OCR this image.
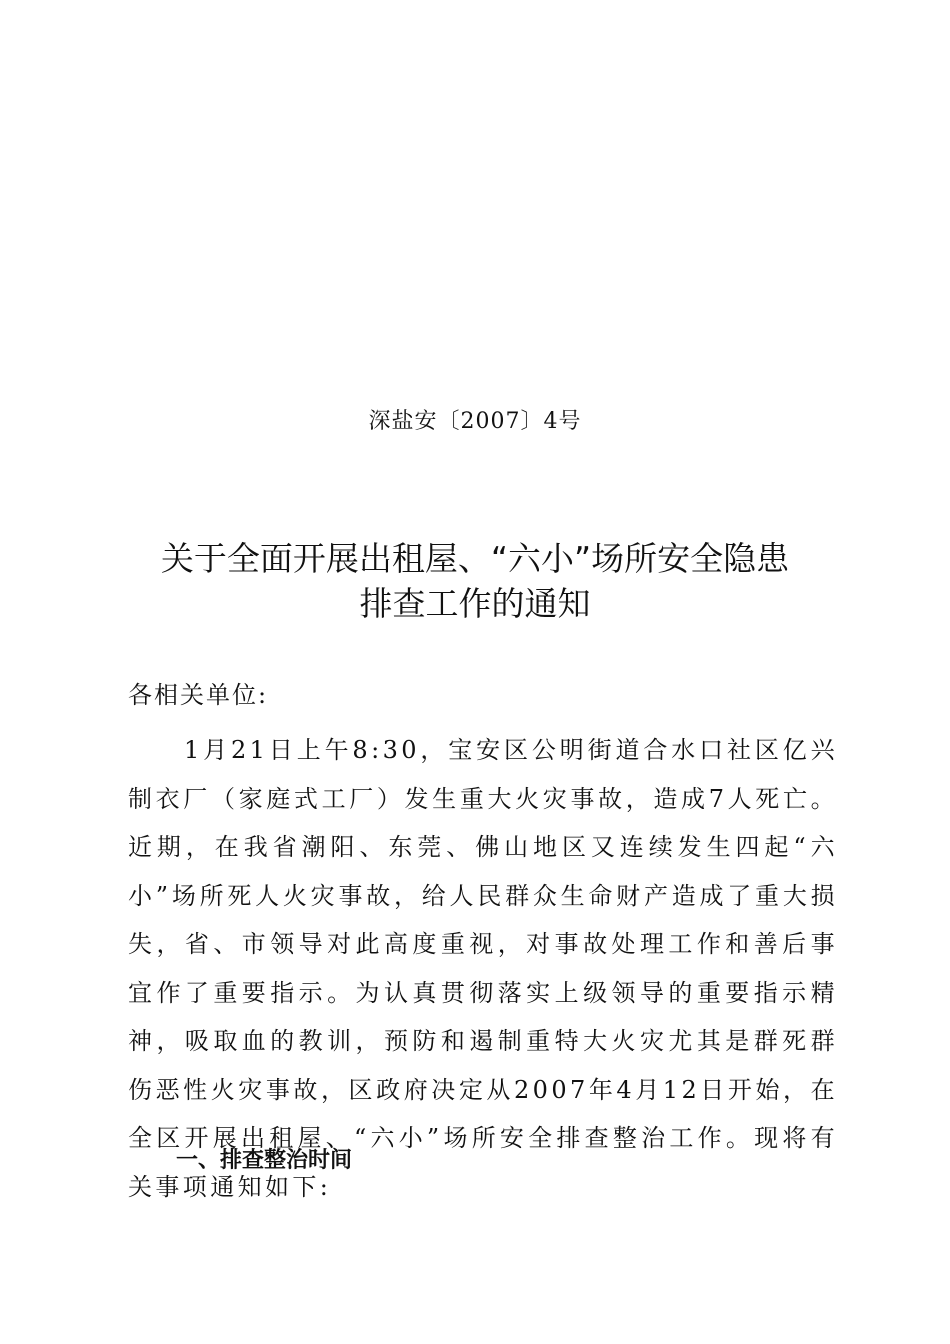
深盐安〔2007〕4号
关于全面开展出租屋、“六小”场所安全隐患
排查工作的通知
各相关单位:

1月21日上午8:30，宝安区公明街道合水口社区亿兴制衣厂（家庭式工厂）发生重大火灾事故，造成7人死亡。近期，在我省潮阳、东莞、佛山地区又连续发生四起“六小”场所死人火灾事故，给人民群众生命财产造成了重大损失，省、市领导对此高度重视，对事故处理工作和善后事宜作了重要指示。为认真贯彻落实上级领导的重要指示精神，吸取血的教训，预防和遏制重特大火灾尤其是群死群伤恶性火灾事故，区政府决定从2007年4月12日开始，在全区开展出租屋、“六小”场所安全排查整治工作。现将有关事项通知如下:

一、排查整治时间
